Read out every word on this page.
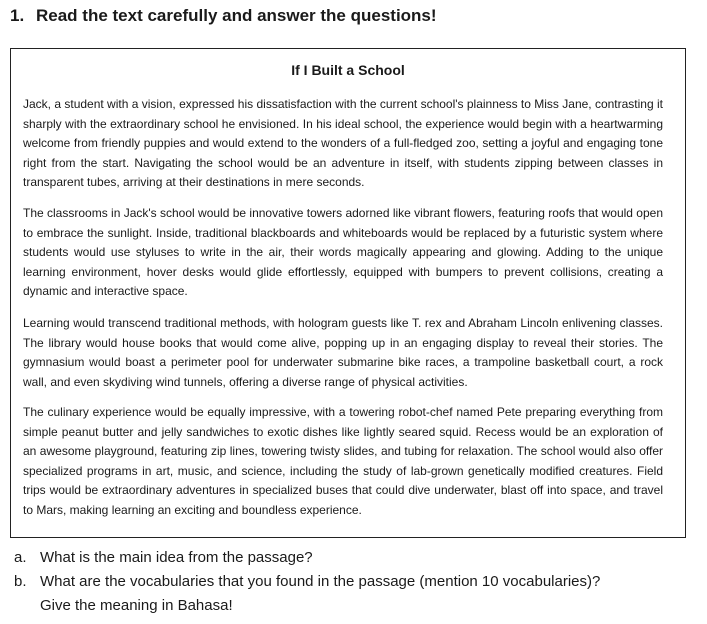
1. Read the text carefully and answer the questions!
If I Built a School

Jack, a student with a vision, expressed his dissatisfaction with the current school's plainness to Miss Jane, contrasting it sharply with the extraordinary school he envisioned. In his ideal school, the experience would begin with a heartwarming welcome from friendly puppies and would extend to the wonders of a full-fledged zoo, setting a joyful and engaging tone right from the start. Navigating the school would be an adventure in itself, with students zipping between classes in transparent tubes, arriving at their destinations in mere seconds.

The classrooms in Jack's school would be innovative towers adorned like vibrant flowers, featuring roofs that would open to embrace the sunlight. Inside, traditional blackboards and whiteboards would be replaced by a futuristic system where students would use styluses to write in the air, their words magically appearing and glowing. Adding to the unique learning environment, hover desks would glide effortlessly, equipped with bumpers to prevent collisions, creating a dynamic and interactive space.

Learning would transcend traditional methods, with hologram guests like T. rex and Abraham Lincoln enlivening classes. The library would house books that would come alive, popping up in an engaging display to reveal their stories. The gymnasium would boast a perimeter pool for underwater submarine bike races, a trampoline basketball court, a rock wall, and even skydiving wind tunnels, offering a diverse range of physical activities.

The culinary experience would be equally impressive, with a towering robot-chef named Pete preparing everything from simple peanut butter and jelly sandwiches to exotic dishes like lightly seared squid. Recess would be an exploration of an awesome playground, featuring zip lines, towering twisty slides, and tubing for relaxation. The school would also offer specialized programs in art, music, and science, including the study of lab-grown genetically modified creatures. Field trips would be extraordinary adventures in specialized buses that could dive underwater, blast off into space, and travel to Mars, making learning an exciting and boundless experience.

a. What is the main idea from the passage?
b. What are the vocabularies that you found in the passage (mention 10 vocabularies)?
Give the meaning in Bahasa!
